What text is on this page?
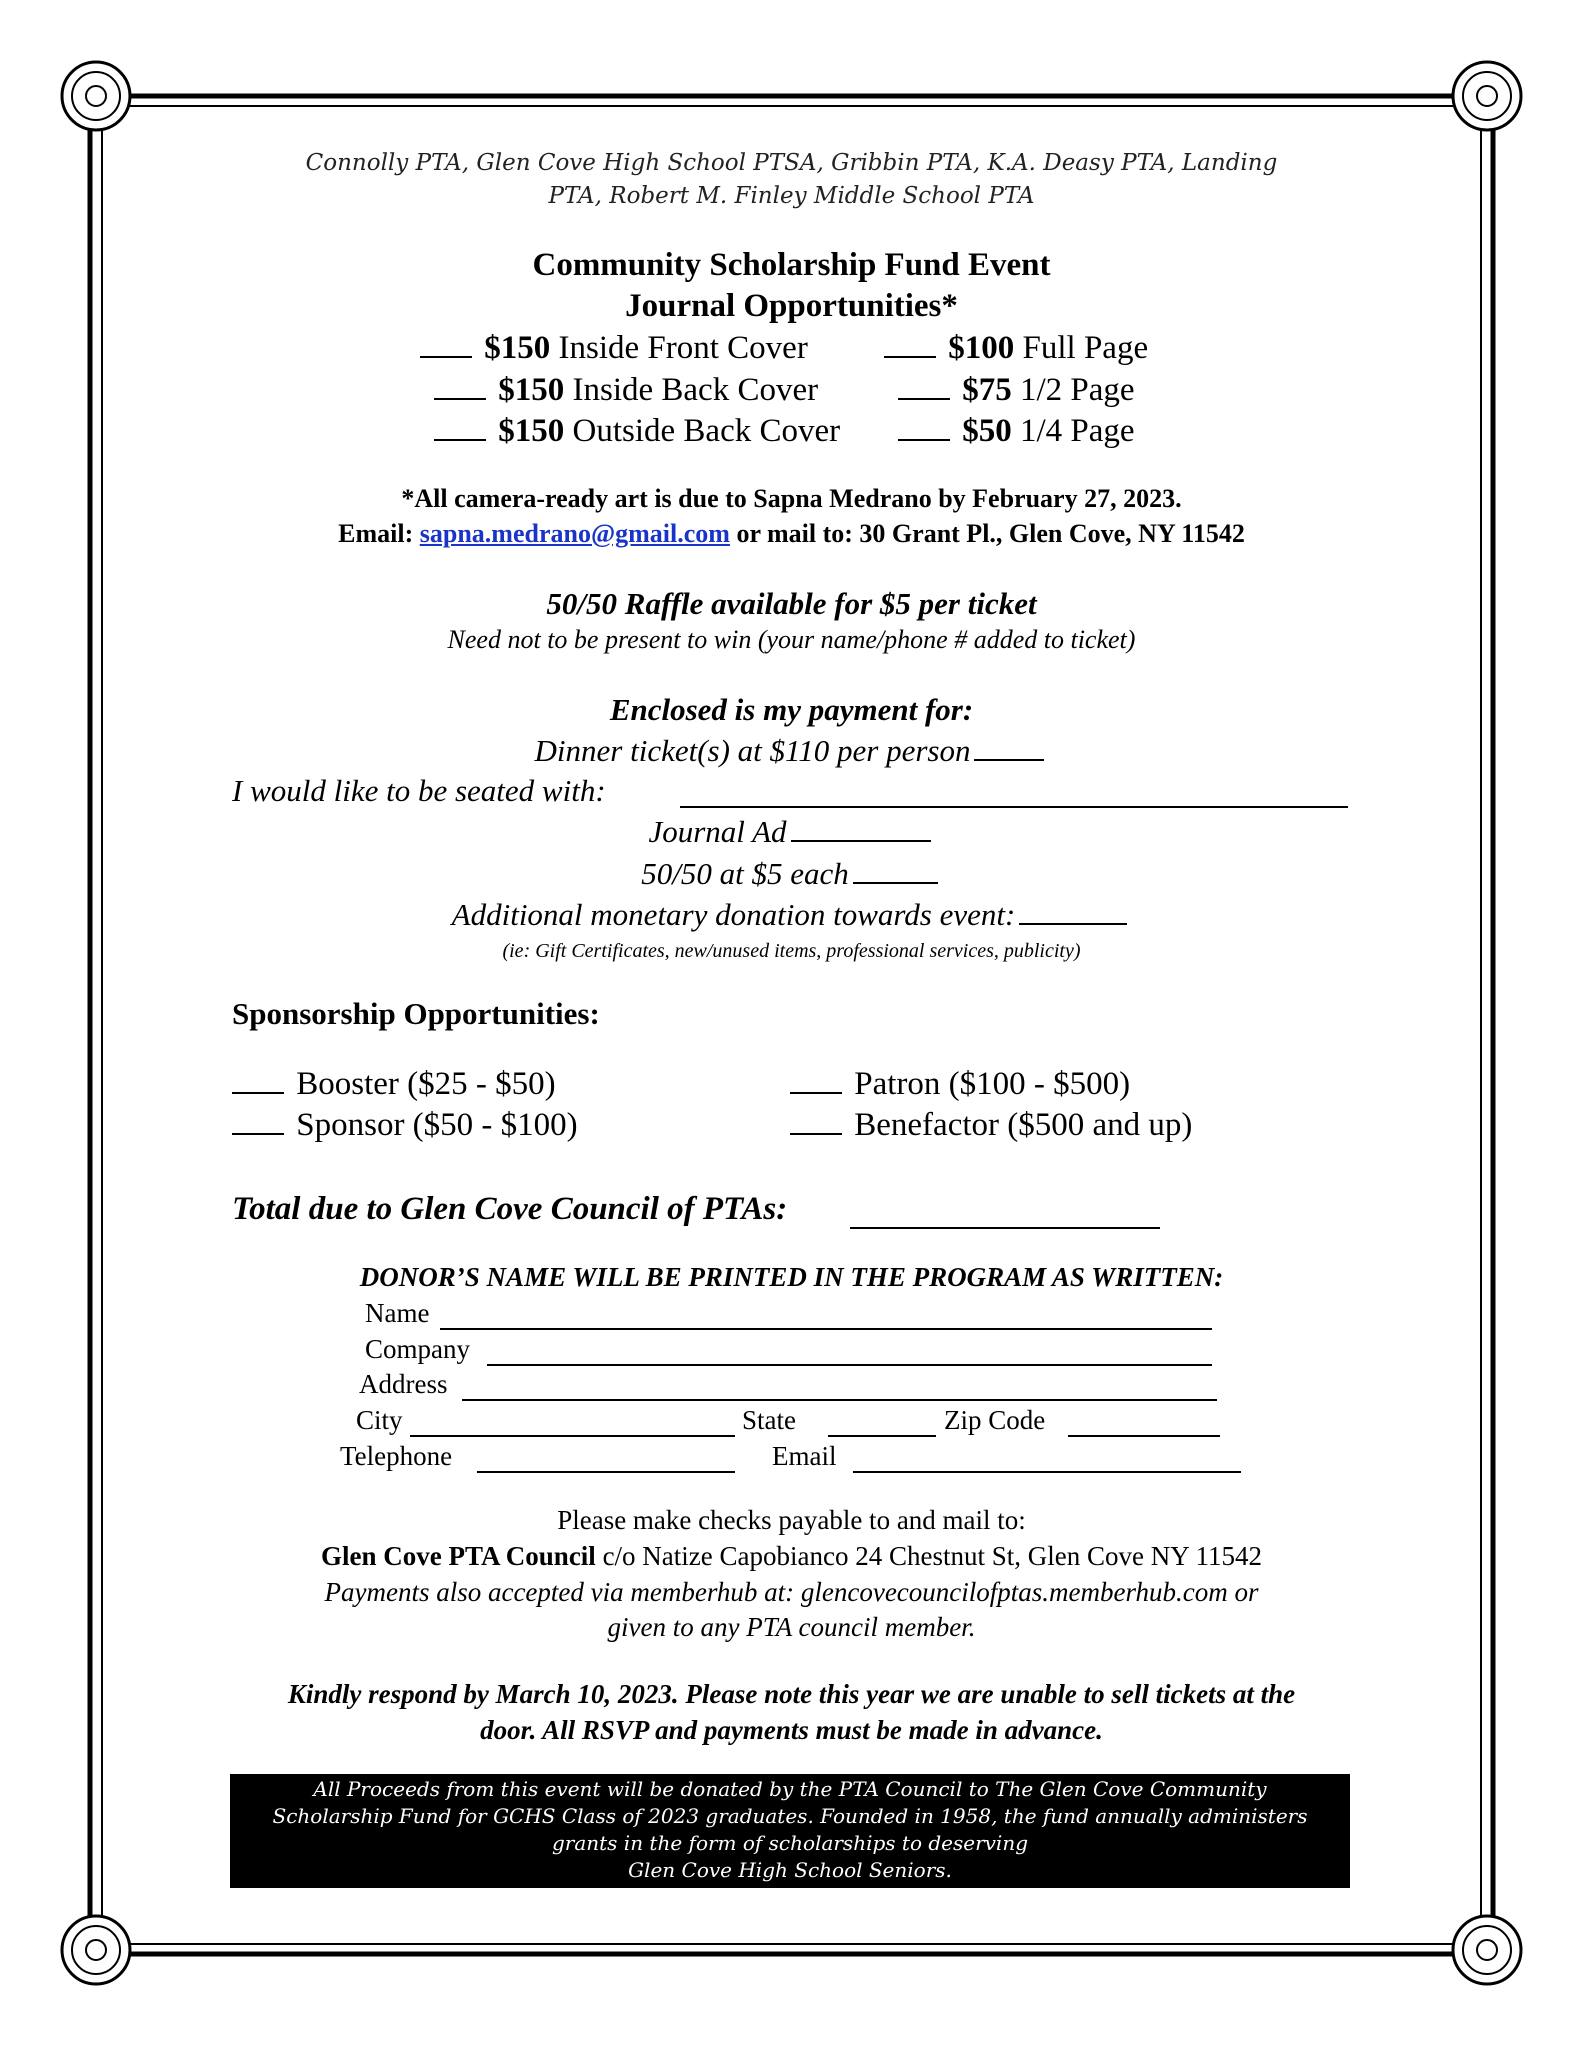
Connolly PTA, Glen Cove High School PTSA, Gribbin PTA, K.A. Deasy PTA, Landing
PTA, Robert M. Finley Middle School PTA
Community Scholarship Fund Event
Journal Opportunities*
$150 Inside Front Cover	$100 Full Page
$150 Inside Back Cover	$75 1/2 Page
$150 Outside Back Cover	$50 1/4 Page
*All camera-ready art is due to Sapna Medrano by February 27, 2023.
Email: sapna.medrano@gmail.com or mail to: 30 Grant Pl., Glen Cove, NY 11542
50/50 Raffle available for $5 per ticket
Need not to be present to win (your name/phone # added to ticket)
Enclosed is my payment for:
Dinner ticket(s) at $110 per person
I would like to be seated with:
Journal Ad
50/50 at $5 each
Additional monetary donation towards event:
(ie: Gift Certificates, new/unused items, professional services, publicity)
Sponsorship Opportunities:
Booster ($25 - $50)	Patron ($100 - $500)
Sponsor ($50 - $100)	Benefactor ($500 and up)
Total due to Glen Cove Council of PTAs:
DONOR’S NAME WILL BE PRINTED IN THE PROGRAM AS WRITTEN:
Name
Company
Address
City	State	Zip Code
Telephone	Email
Please make checks payable to and mail to:
Glen Cove PTA Council c/o Natize Capobianco 24 Chestnut St, Glen Cove NY 11542
Payments also accepted via memberhub at: glencovecouncilofptas.memberhub.com or
given to any PTA council member.
Kindly respond by March 10, 2023. Please note this year we are unable to sell tickets at the
door. All RSVP and payments must be made in advance.
All Proceeds from this event will be donated by the PTA Council to The Glen Cove Community
Scholarship Fund for GCHS Class of 2023 graduates. Founded in 1958, the fund annually administers
grants in the form of scholarships to deserving
Glen Cove High School Seniors.
